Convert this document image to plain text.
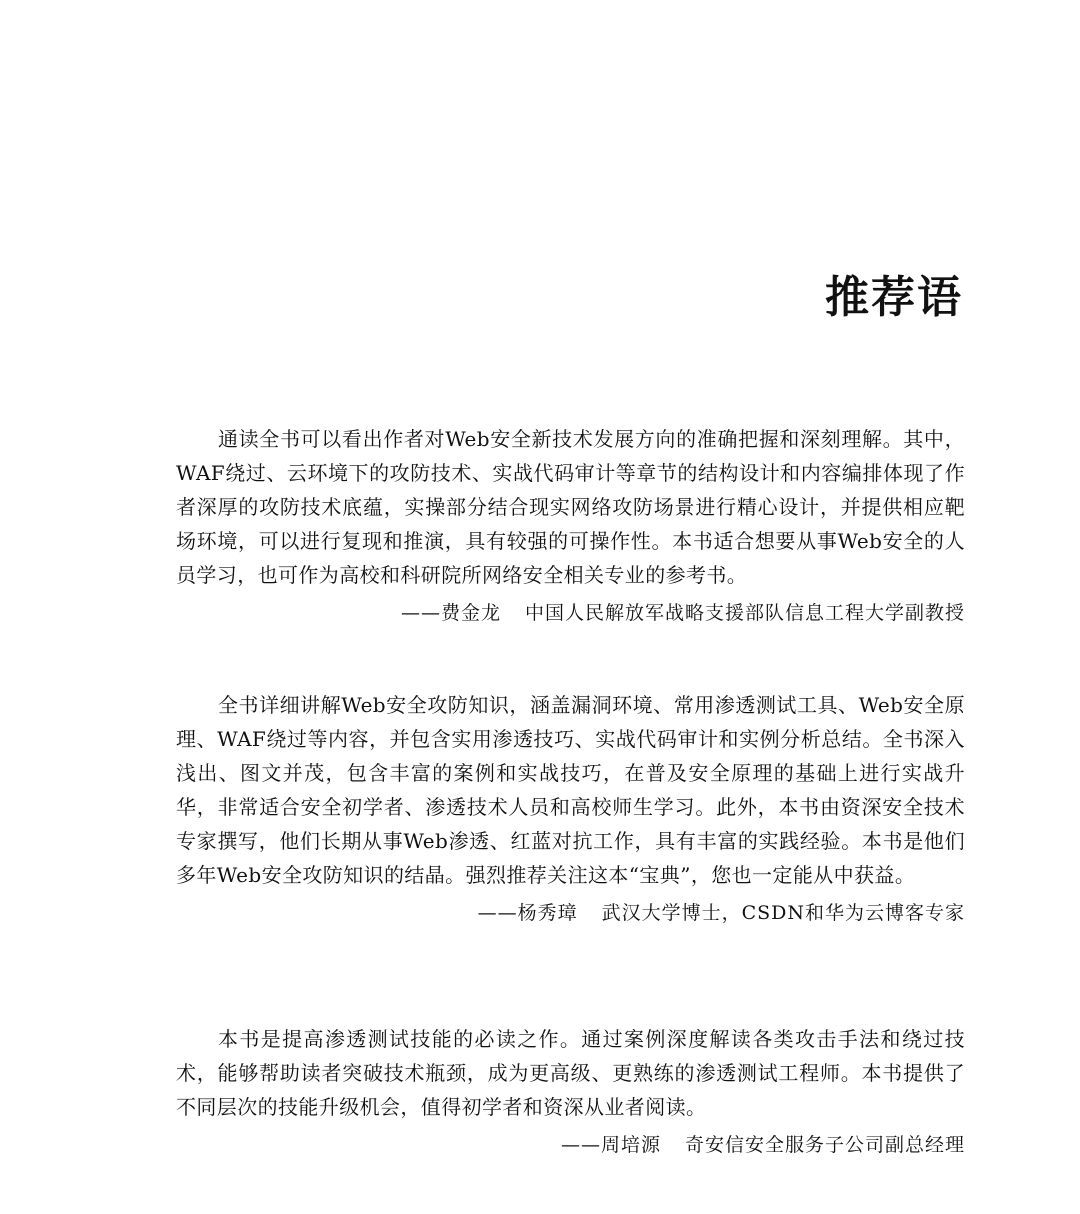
推荐语

通读全书可以看出作者对Web安全新技术发展方向的准确把握和深刻理解。其中，WAF绕过、云环境下的攻防技术、实战代码审计等章节的结构设计和内容编排体现了作者深厚的攻防技术底蕴，实操部分结合现实网络攻防场景进行精心设计，并提供相应靶场环境，可以进行复现和推演，具有较强的可操作性。本书适合想要从事Web安全的人员学习，也可作为高校和科研院所网络安全相关专业的参考书。

——费金龙 中国人民解放军战略支援部队信息工程大学副教授

全书详细讲解Web安全攻防知识，涵盖漏洞环境、常用渗透测试工具、Web安全原理、WAF绕过等内容，并包含实用渗透技巧、实战代码审计和实例分析总结。全书深入浅出、图文并茂，包含丰富的案例和实战技巧，在普及安全原理的基础上进行实战升华，非常适合安全初学者、渗透技术人员和高校师生学习。此外，本书由资深安全技术专家撰写，他们长期从事Web渗透、红蓝对抗工作，具有丰富的实践经验。本书是他们多年Web安全攻防知识的结晶。强烈推荐关注这本“宝典”，您也一定能从中获益。

——杨秀璋 武汉大学博士，CSDN和华为云博客专家

本书是提高渗透测试技能的必读之作。通过案例深度解读各类攻击手法和绕过技术，能够帮助读者突破技术瓶颈，成为更高级、更熟练的渗透测试工程师。本书提供了不同层次的技能升级机会，值得初学者和资深从业者阅读。

——周培源 奇安信安全服务子公司副总经理
